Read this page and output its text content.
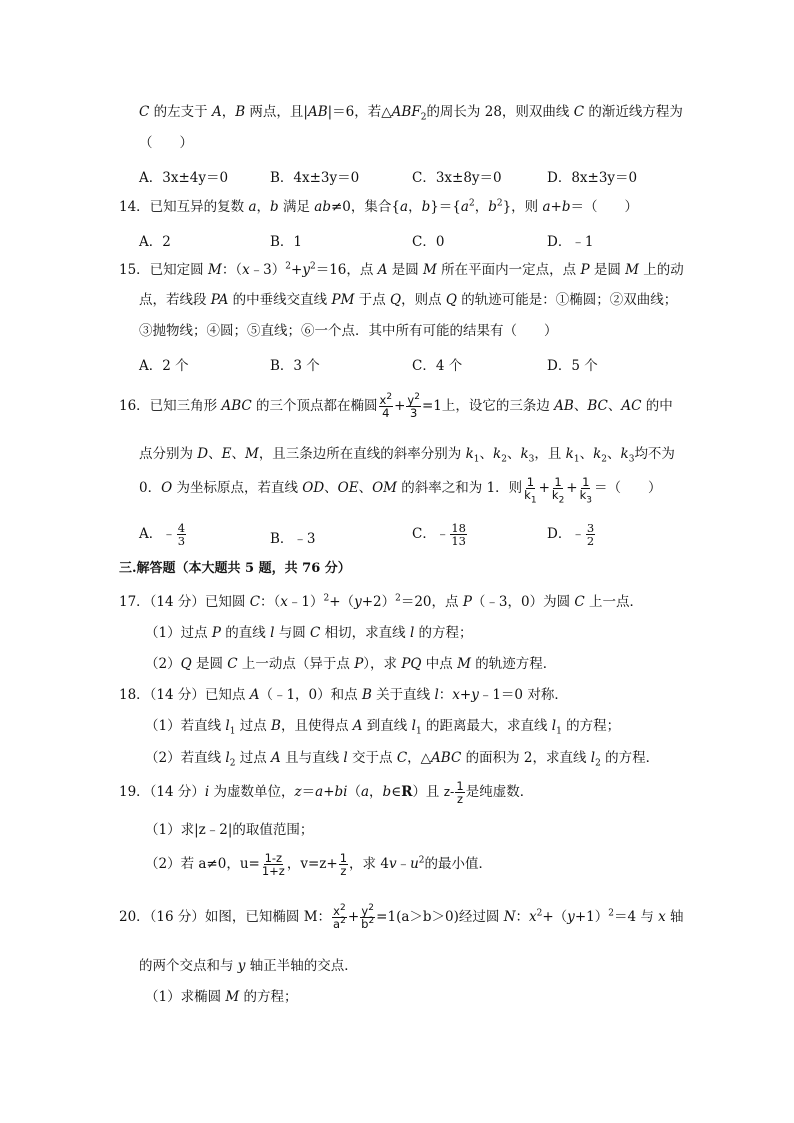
C 的左支于 A，B 两点，且|AB|＝6，若$\triangle ABF_2$的周长为 28，则双曲线 C 的渐近线方程为
（　　）
A．3x±4y＝0	B．4x±3y＝0	C．3x±8y＝0	D．8x±3y＝0
14．已知互异的复数 a，b 满足 ab≠0，集合{a，$b\}=\{a^2$，$b^2$}，则 a+b＝（　　）
A．2	B．1	C．0	D．﹣1
15．已知定圆 M：$(x﹣3)^2+y^2=16$，点 A 是圆 M 所在平面内一定点，点 P 是圆 M 上的动
点，若线段 PA 的中垂线交直线 PM 于点 Q，则点 Q 的轨迹可能是：①椭圆；②双曲线；
③抛物线；④圆；⑤直线；⑥一个点．其中所有可能的结果有（　　）
A．2 个	B．3 个	C．4 个	D．5 个
16．已知三角形 ABC 的三个顶点都在椭圆 $\frac{x^2}{4} + \frac{y^2}{3} =1$上，设它的三条边 AB、BC、AC 的中
点分别为 D、E、M，且三条边所在直线的斜率分别为 $k_1$、$k_2$、$k_3$，且 $k_1$、$k_2$、$k_3$均不为
0．O 为坐标原点，若直线 OD、OE、OM 的斜率之和为 1．则 $\frac{1}{k_1} + \frac{1}{k_2} + \frac{1}{k_3}$ ＝（　　）
A．﹣ $\frac{4}{3}$	B．﹣3	C．﹣ $\frac{18}{13}$	D．﹣ $\frac{3}{2}$
三.解答题（本大题共 5 题，共 76 分）
17．（14 分）已知圆 C：$(x﹣1)^2+(y+2)^2=20$，点 P（﹣3，0）为圆 C 上一点．
（1）过点 P 的直线 l 与圆 C 相切，求直线 l 的方程；
（2）Q 是圆 C 上一动点（异于点 P），求 PQ 中点 M 的轨迹方程．
18．（14 分）已知点 A（﹣1，0）和点 B 关于直线 l：x+y﹣1＝0 对称．
（1）若直线 $l_1$ 过点 B，且使得点 A 到直线 $l_1$ 的距离最大，求直线 $l_1$ 的方程；
（2）若直线 $l_2$ 过点 A 且与直线 l 交于点 C，△ABC 的面积为 2，求直线 $l_2$ 的方程．
19．（14 分）i 为虚数单位，z＝a+bi（a，b∈R）且 $z- \frac{1}{z}$ 是纯虚数．
（1）求|z﹣2|的取值范围；
（2）若 a≠0，$u= \frac{1-z}{1+z}$ ，$v=z+ \frac{1}{z}$ ，求 $4v﹣u^2$的最小值．
20．（16 分）如图，已知椭圆 M： $\frac{x^2}{a^2} + \frac{y^2}{b^2} =1(a>b>0)$经过圆 N：$x^2+(y+1)^2=4$ 与 x 轴
的两个交点和与 y 轴正半轴的交点．
（1）求椭圆 M 的方程；
